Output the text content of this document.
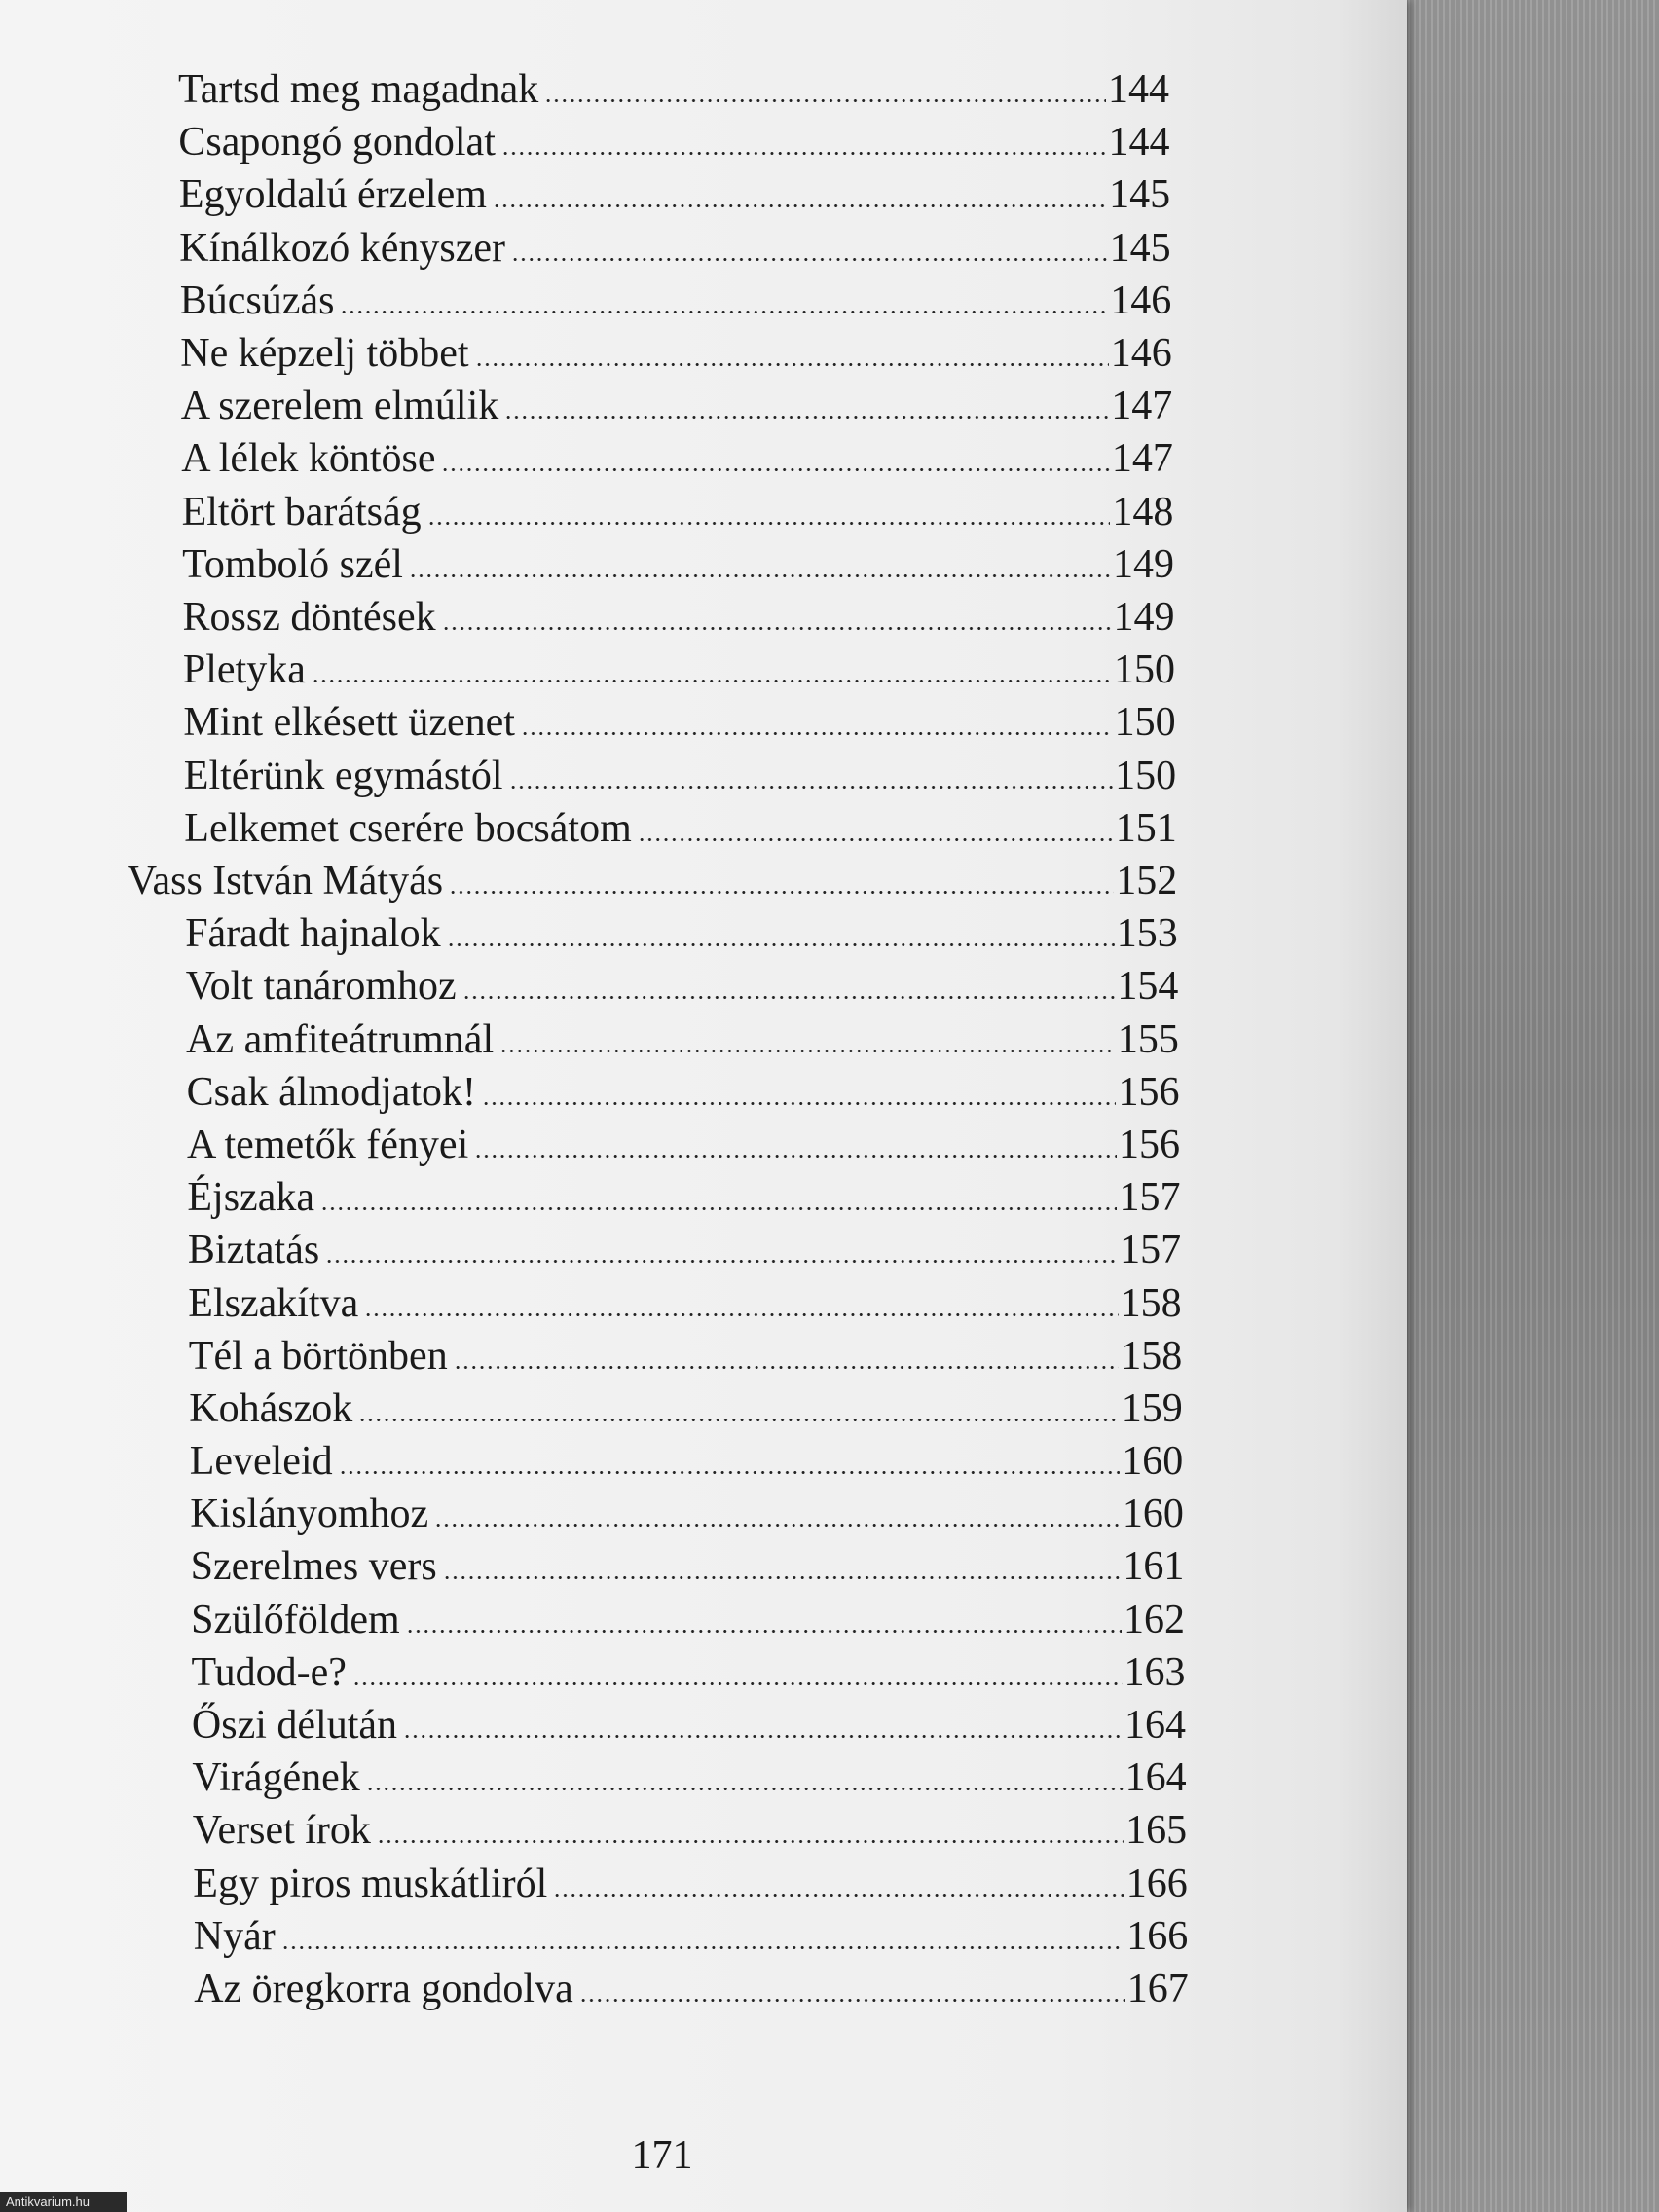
Tartsd meg magadnak	144
Csapongó gondolat	144
Egyoldalú érzelem	145
Kínálkozó kényszer	145
Búcsúzás	146
Ne képzelj többet	146
A szerelem elmúlik	147
A lélek köntöse	147
Eltört barátság	148
Tomboló szél	149
Rossz döntések	149
Pletyka	150
Mint elkésett üzenet	150
Eltérünk egymástól	150
Lelkemet cserére bocsátom	151
Vass István Mátyás	152
Fáradt hajnalok	153
Volt tanáromhoz	154
Az amfiteátrumnál	155
Csak álmodjatok!	156
A temetők fényei	156
Éjszaka	157
Biztatás	157
Elszakítva	158
Tél a börtönben	158
Kohászok	159
Leveleid	160
Kislányomhoz	160
Szerelmes vers	161
Szülőföldem	162
Tudod-e?	163
Őszi délután	164
Virágének	164
Verset írok	165
Egy piros muskátliról	166
Nyár	166
Az öregkorra gondolva	167
171
Antikvarium.hu
